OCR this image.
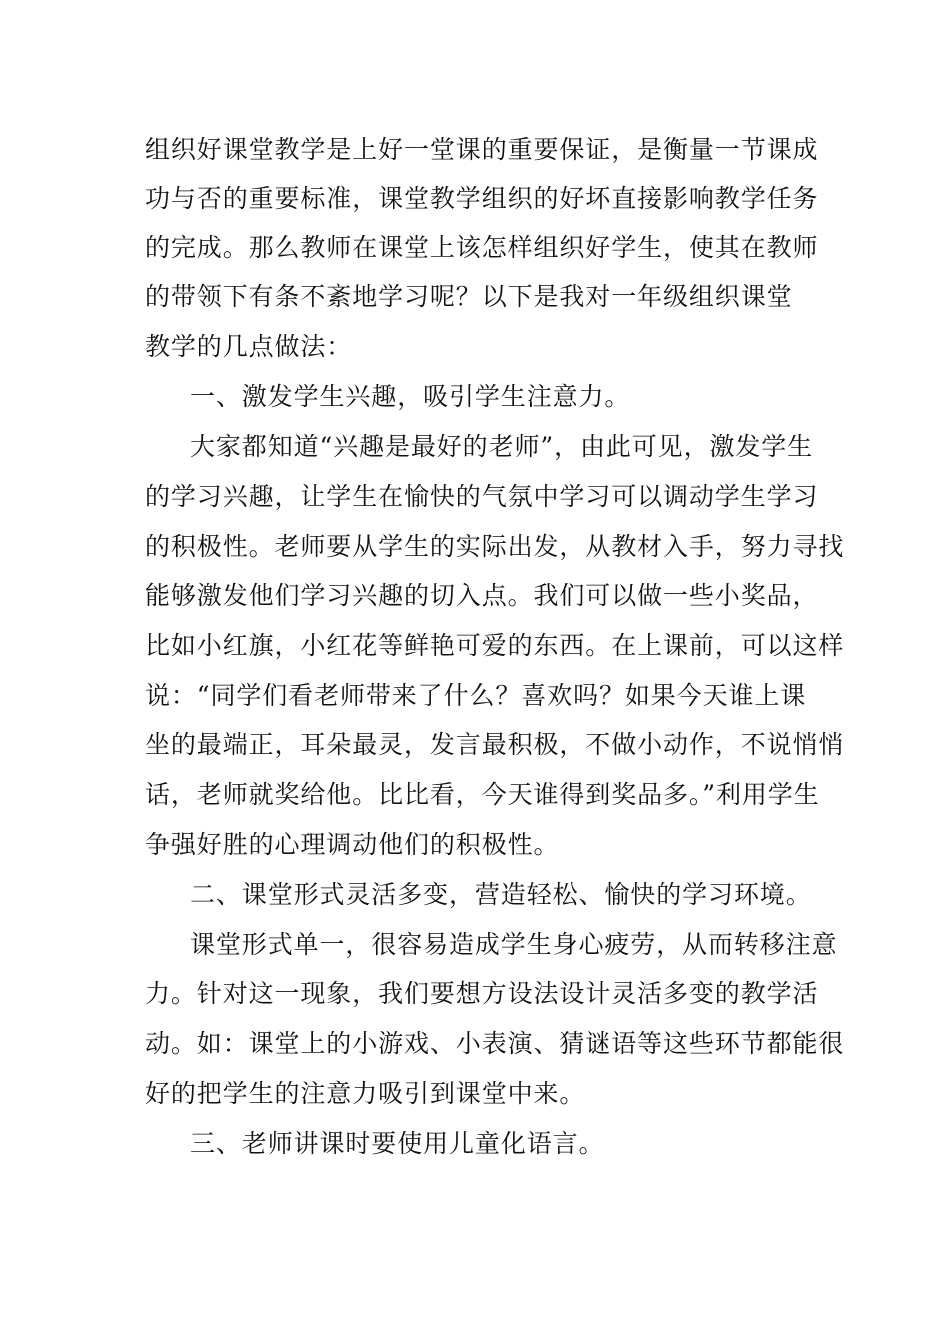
组织好课堂教学是上好一堂课的重要保证，是衡量一节课成
功与否的重要标准，课堂教学组织的好坏直接影响教学任务
的完成。那么教师在课堂上该怎样组织好学生，使其在教师
的带领下有条不紊地学习呢？以下是我对一年级组织课堂
教学的几点做法：
一、激发学生兴趣，吸引学生注意力。
大家都知道“兴趣是最好的老师”，由此可见，激发学生
的学习兴趣，让学生在愉快的气氛中学习可以调动学生学习
的积极性。老师要从学生的实际出发，从教材入手，努力寻找
能够激发他们学习兴趣的切入点。我们可以做一些小奖品，
比如小红旗，小红花等鲜艳可爱的东西。在上课前，可以这样
说：“同学们看老师带来了什么？喜欢吗？如果今天谁上课
坐的最端正，耳朵最灵，发言最积极，不做小动作，不说悄悄
话，老师就奖给他。比比看，今天谁得到奖品多。”利用学生
争强好胜的心理调动他们的积极性。
二、课堂形式灵活多变，营造轻松、愉快的学习环境。
课堂形式单一，很容易造成学生身心疲劳，从而转移注意
力。针对这一现象，我们要想方设法设计灵活多变的教学活
动。如：课堂上的小游戏、小表演、猜谜语等这些环节都能很
好的把学生的注意力吸引到课堂中来。
三、老师讲课时要使用儿童化语言。
